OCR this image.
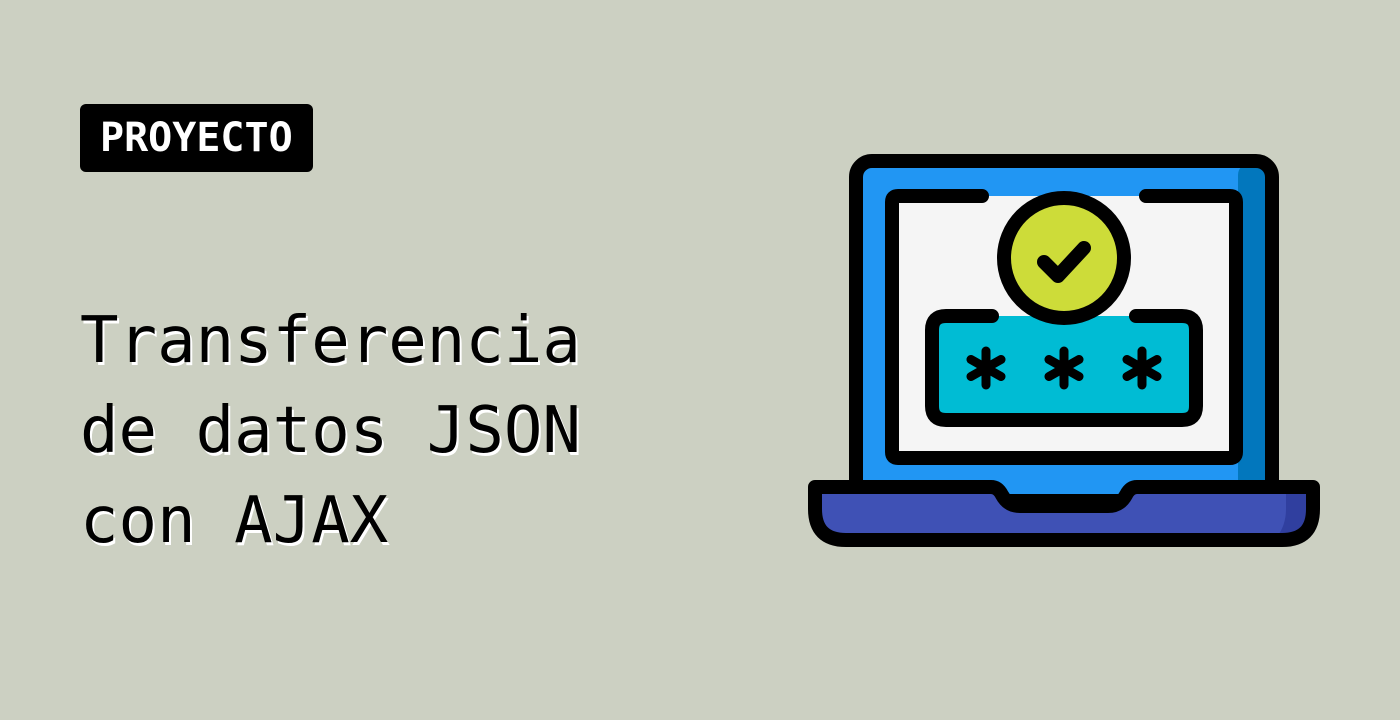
PROYECTO
Transferencia
de datos JSON
con AJAX
